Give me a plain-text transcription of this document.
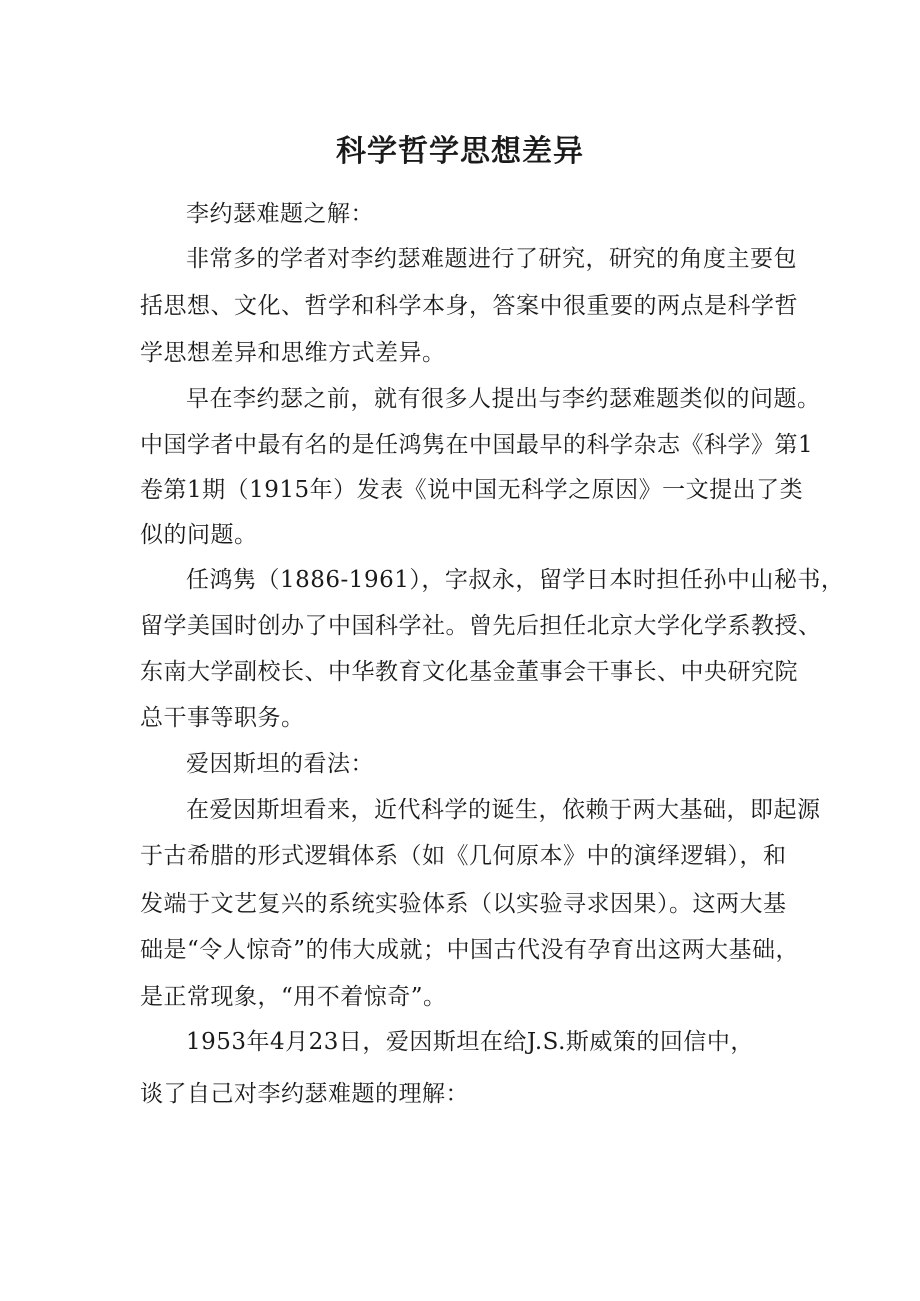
科学哲学思想差异
李约瑟难题之解：
非常多的学者对李约瑟难题进行了研究，研究的角度主要包
括思想、文化、哲学和科学本身，答案中很重要的两点是科学哲
学思想差异和思维方式差异。
早在李约瑟之前，就有很多人提出与李约瑟难题类似的问题。
中国学者中最有名的是任鸿隽在中国最早的科学杂志《科学》第1
卷第1期（1915年）发表《说中国无科学之原因》一文提出了类
似的问题。
任鸿隽（1886-1961），字叔永，留学日本时担任孙中山秘书，
留学美国时创办了中国科学社。曾先后担任北京大学化学系教授、
东南大学副校长、中华教育文化基金董事会干事长、中央研究院
总干事等职务。
爱因斯坦的看法：
在爱因斯坦看来，近代科学的诞生，依赖于两大基础，即起源
于古希腊的形式逻辑体系（如《几何原本》中的演绎逻辑），和
发端于文艺复兴的系统实验体系（以实验寻求因果）。这两大基
础是“令人惊奇”的伟大成就；中国古代没有孕育出这两大基础，
是正常现象，“用不着惊奇”。
1953年4月23日，爱因斯坦在给J.S.斯威策的回信中，
谈了自己对李约瑟难题的理解：
